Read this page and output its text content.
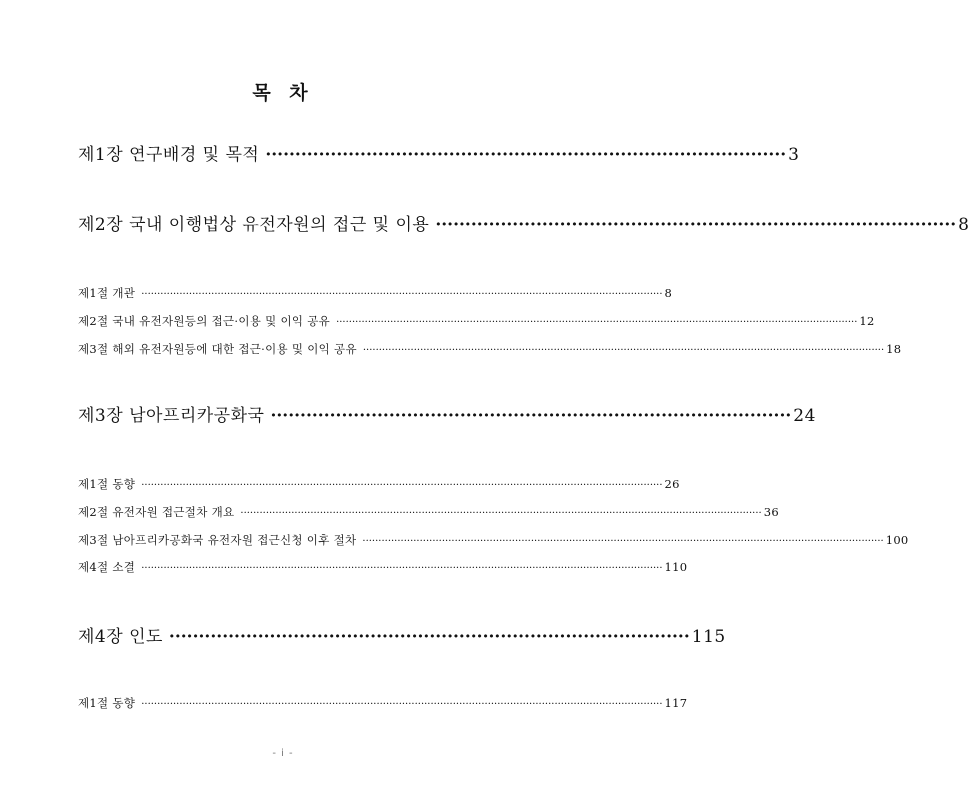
목 차
제1장 연구배경 및 목적 ························································································ 3
제2장 국내 이행법상 유전자원의 접근 및 이용 ························································································ 8
제1절 개관 ···································································································································································· 8
제2절 국내 유전자원등의 접근·이용 및 이익 공유 ···································································································································································· 12
제3절 해외 유전자원등에 대한 접근·이용 및 이익 공유 ···································································································································································· 18
제3장 남아프리카공화국 ························································································ 24
제1절 동향 ···································································································································································· 26
제2절 유전자원 접근절차 개요 ···································································································································································· 36
제3절 남아프리카공화국 유전자원 접근신청 이후 절차 ···································································································································································· 100
제4절 소결 ···································································································································································· 110
제4장 인도 ························································································ 115
제1절 동향 ···································································································································································· 117
- i -
